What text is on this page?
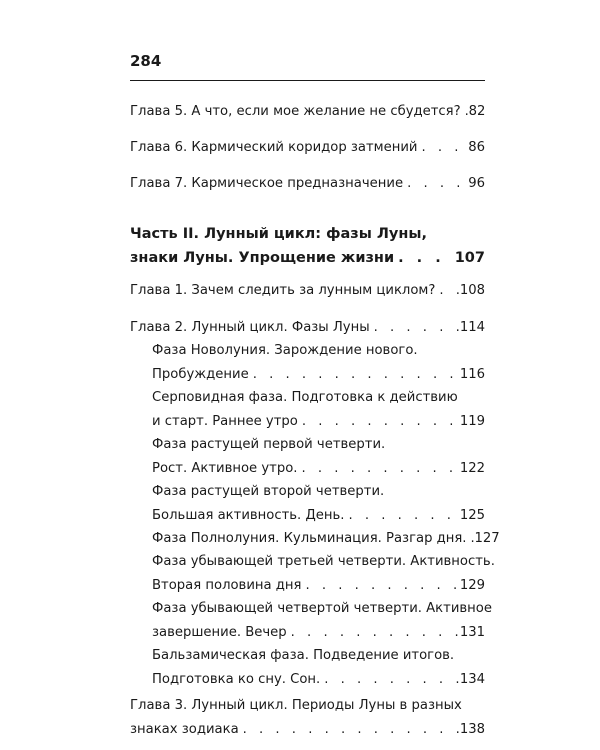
284
Глава 5. А что, если мое желание не сбудется? . . . 82
Глава 6. Кармический коридор затмений . . .	86
Глава 7. Кармическое предназначение . . .	96
Часть II. Лунный цикл: фазы Луны,
знаки Луны. Упрощение жизни . . .	107
Глава 1. Зачем следить за лунным циклом? . . . 108
Глава 2. Лунный цикл. Фазы Луны . . .	114
Фаза Новолуния. Зарождение нового.
Пробуждение . . .	116
Серповидная фаза. Подготовка к действию
и старт. Раннее утро . . .	119
Фаза растущей первой четверти.
Рост. Активное утро. . . .	122
Фаза растущей второй четверти.
Большая активность. День. . . .	125
Фаза Полнолуния. Кульминация. Разгар дня. . . . 127
Фаза убывающей третьей четверти. Активность.
Вторая половина дня . . .	129
Фаза убывающей четвертой четверти. Активное
завершение. Вечер . . .	131
Бальзамическая фаза. Подведение итогов.
Подготовка ко сну. Сон. . . .	134
Глава 3. Лунный цикл. Периоды Луны в разных
знаках зодиака . . .	138
